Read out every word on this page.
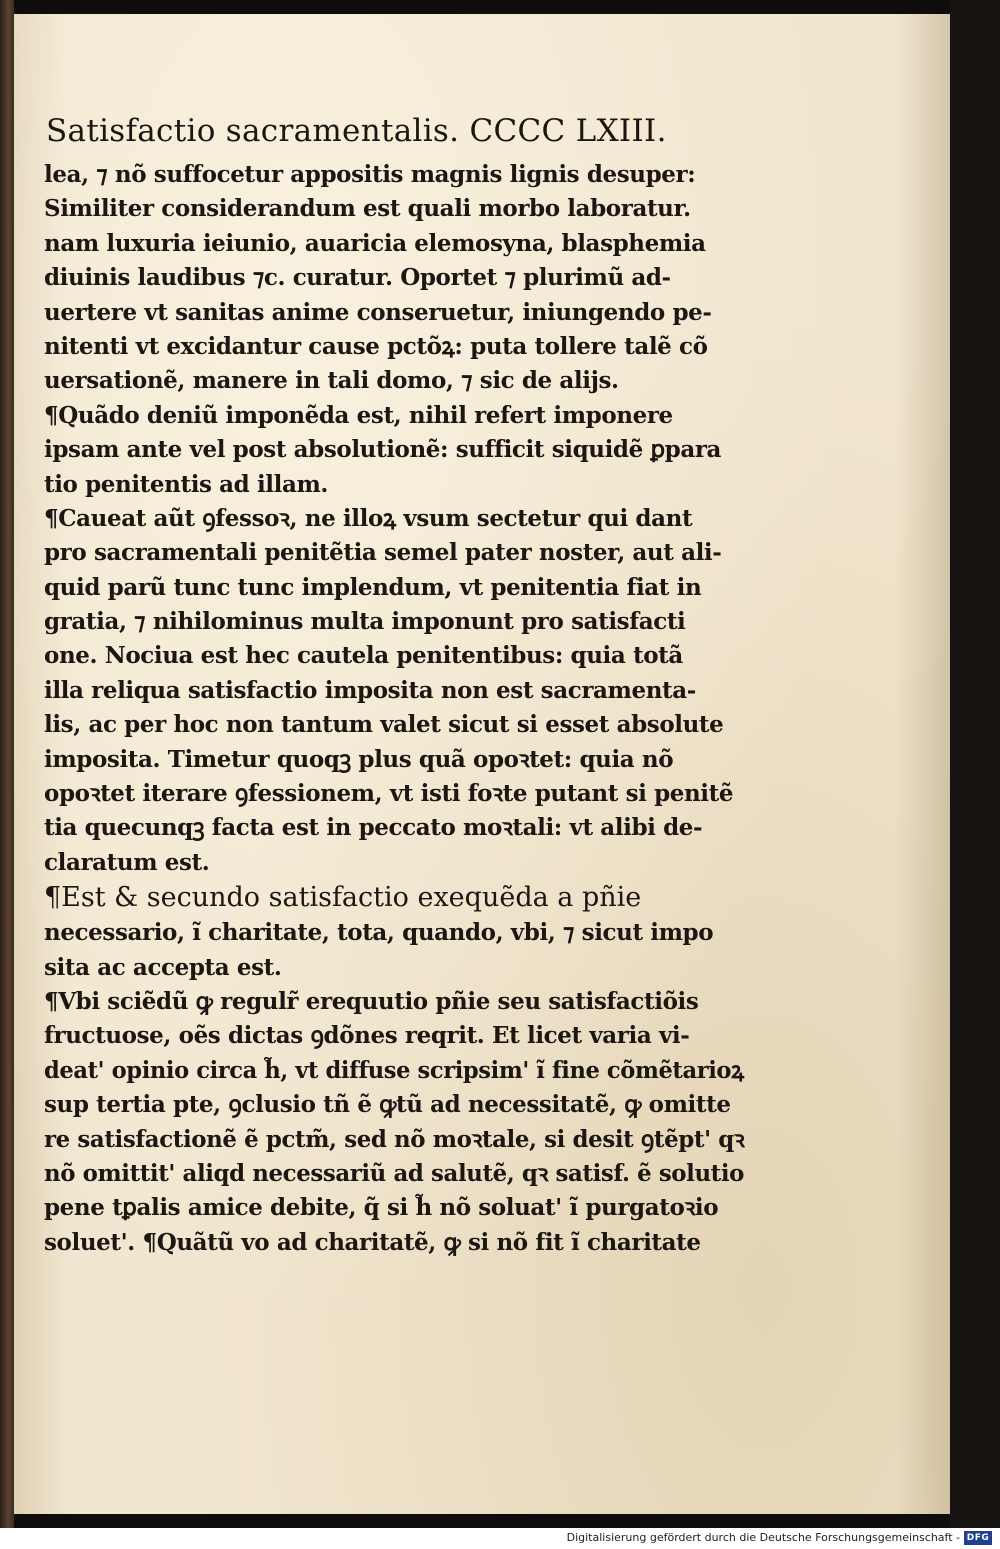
Satisfactio sacramentalis. CCCC LXIII.
lea, ⁊ nõ suffocetur appositis magnis lignis desuper:
Similiter considerandum est quali morbo laboratur.
nam luxuria ieiunio, auaricia elemosyna, blasphemia
diuinis laudibus ⁊c. curatur. Oportet ⁊ plurimũ ad-
uertere vt sanitas anime conseruetur, iniungendo pe-
nitenti vt excidantur cause pctõꝝ: puta tollere talẽ cõ
uersationẽ, manere in tali domo, ⁊ sic de alijs.
¶Quãdo deniũ imponẽda est, nihil refert imponere
ipsam ante vel post absolutionẽ: sufficit siquidẽ ꝑpara
tio penitentis ad illam.
¶Caueat aũt ꝯfessoꝛ, ne illoꝝ vsum sectetur qui dant
pro sacramentali penitẽtia semel pater noster, aut ali-
quid parũ tunc tunc implendum, vt penitentia fiat in
gratia, ⁊ nihilominus multa imponunt pro satisfacti
one. Nociua est hec cautela penitentibus: quia totã
illa reliqua satisfactio imposita non est sacramenta-
lis, ac per hoc non tantum valet sicut si esset absolute
imposita. Timetur quoqꝫ plus quã opoꝛtet: quia nõ
opoꝛtet iterare ꝯfessionem, vt isti foꝛte putant si penitẽ
tia quecunqꝫ facta est in peccato moꝛtali: vt alibi de-
claratum est.
¶Est & secundo satisfactio exequẽda a pñie
necessario, ĩ charitate, tota, quando, vbi, ⁊ sicut impo
sita ac accepta est.
¶Vbi sciẽdũ ꝙ regulr̃ erequutio pñie seu satisfactiõis
fructuose, oẽs dictas ꝯdõnes reqrit. Et licet varia vi-
deat' opinio circa h̃, vt diffuse scripsim' ĩ fine cõmẽtarioꝝ
sup tertia pte, ꝯclusio tñ ẽ ꝙtũ ad necessitatẽ, ꝙ omitte
re satisfactionẽ ẽ pctm̃, sed nõ moꝛtale, si desit ꝯtẽpt' qꝛ
nõ omittit' aliqd necessariũ ad salutẽ, qꝛ satisf. ẽ solutio
pene tꝑalis amice debite, q̃ si h̃ nõ soluat' ĩ purgatoꝛio
soluet'. ¶Quãtũ vo ad charitatẽ, ꝙ si nõ fit ĩ charitate
Digitalisierung gefördert durch die Deutsche Forschungsgemeinschaft - DFG
